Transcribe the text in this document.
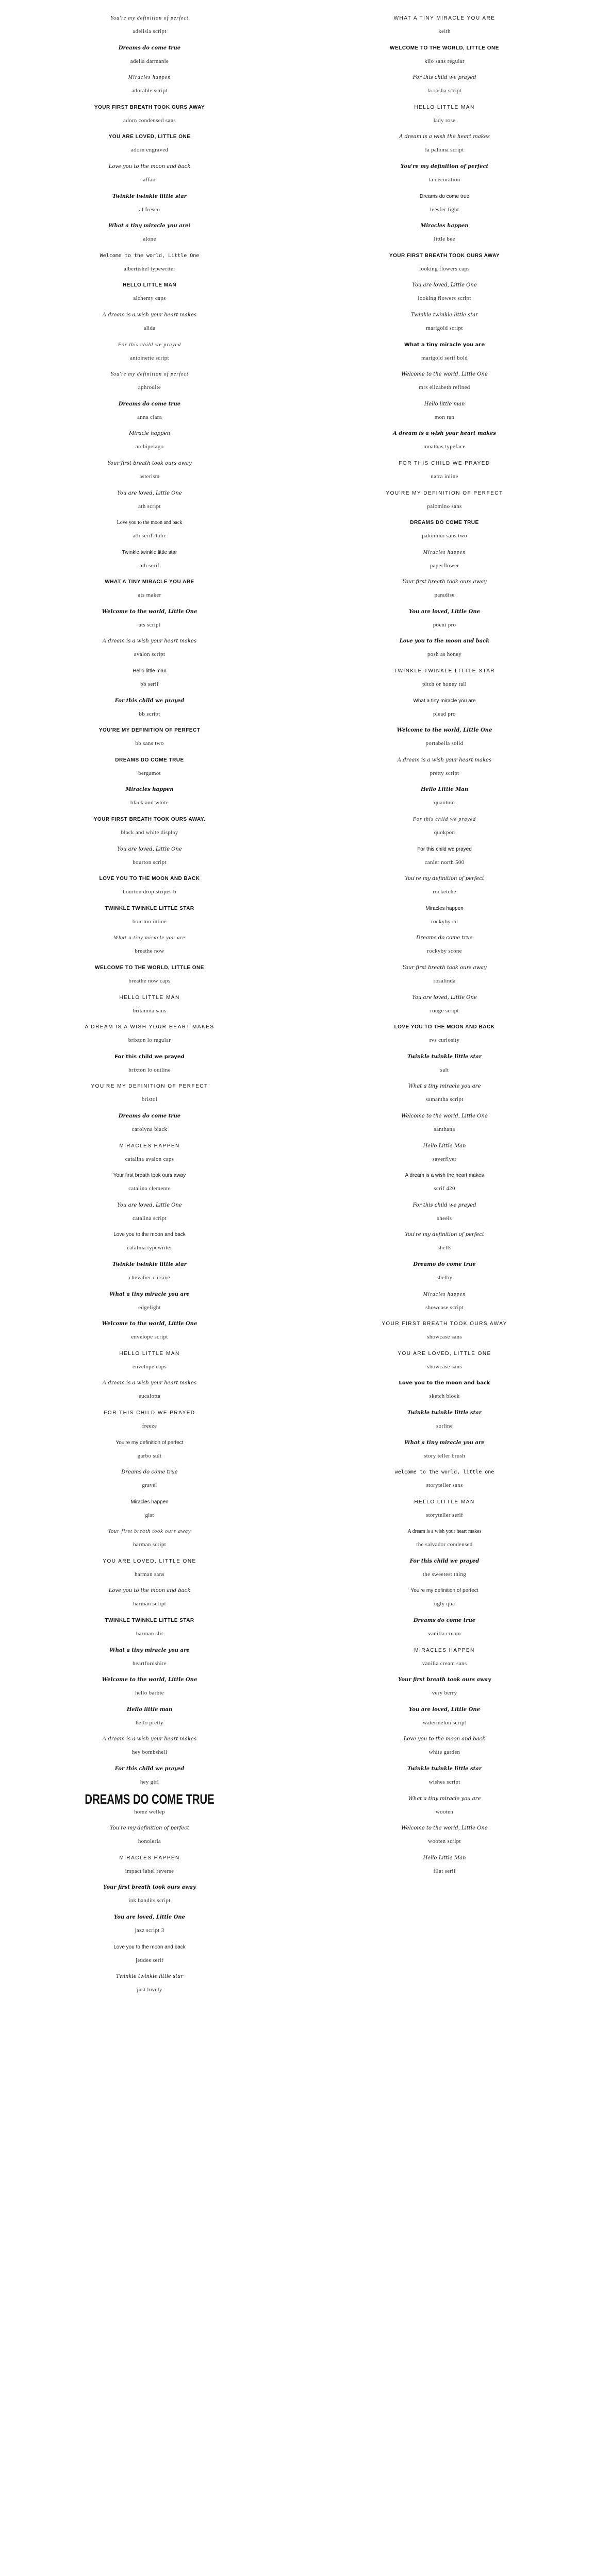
You're my definition of perfect
adelisia script
Dreams do come true
adelia darmanie
Miracles happen
adorable script
YOUR FIRST BREATH TOOK OURS AWAY
adorn condensed sans
YOU ARE LOVED, LITTLE ONE
adorn engraved
Love you to the moon and back
affair
Twinkle twinkle little star
al fresco
What a tiny miracle you are!
alone
Welcome to the world, Little One
albertishel typewriter
HELLO LITTLE MAN
alchemy caps
A dream is a wish your heart makes
alida
For this child we prayed
antoinette script
You're my definition of perfect
aphrodite
Dreams do come true
anna clara
Miracle happen
archipelago
Your first breath took ours away
asterism
You are loved, Little One
ath script
Love you to the moon and back
ath serif italic
Twinkle twinkle little star
ath serif
WHAT A TINY MIRACLE YOU ARE
ats maker
Welcome to the world, Little One
ats script
A dream is a wish your heart makes
avalon script
Hello little man
bb serif
For this child we prayed
bb script
YOU'RE MY DEFINITION OF PERFECT
bb sans two
DREAMS DO COME TRUE
bergamot
Miracles happen
black and white
YOUR FIRST BREATH TOOK OURS AWAY.
black and white display
You are loved, Little One
bourton script
LOVE YOU TO THE MOON AND BACK
bourton drop stripes b
TWINKLE TWINKLE LITTLE STAR
bourton inline
What a tiny miracle you are
breathe now
WELCOME TO THE WORLD, LITTLE ONE
breathe now caps
HELLO LITTLE MAN
britannia sans
A DREAM IS A WISH YOUR HEART MAKES
brixton lo regular
For this child we prayed
brixton lo outline
YOU'RE MY DEFINITION OF PERFECT
bristol
Dreams do come true
carolyna black
MIRACLES HAPPEN
catalina avalon caps
Your first breath took ours away
catalina clemente
You are loved, Little One
catalina script
Love you to the moon and back
catalina typewriter
Twinkle twinkle little star
chevalier cursive
What a tiny miracle you are
edgelight
Welcome to the world, Little One
envelope script
HELLO LITTLE MAN
envelope caps
A dream is a wish your heart makes
eucalotta
FOR THIS CHILD WE PRAYED
freeze
You're my definition of perfect
garbo sult
Dreams do come true
gravel
Miracles happen
gist
Your first breath took ours away
harman script
YOU ARE LOVED, LITTLE ONE
harman sans
Love you to the moon and back
harman script
TWINKLE TWINKLE LITTLE STAR
harman slit
What a tiny miracle you are
heartfordshire
Welcome to the world, Little One
hello barbie
Hello little man
hello pretty
A dream is a wish your heart makes
hey bombshell
For this child we prayed
hey girl
DREAMS DO COME TRUE
home wellep
You're my definition of perfect
honoleria
MIRACLES HAPPEN
impact label reverse
Your first breath took ours away
ink bandits script
You are loved, Little One
jazz script 3
Love you to the moon and back
jeudes serif
Twinkle twinkle little star
just lovely
WHAT A TINY MIRACLE YOU ARE
keith
WELCOME TO THE WORLD, LITTLE ONE
kilo sans regular
For this child we prayed
la rosha script
HELLO LITTLE MAN
lady rose
A dream is a wish the heart makes
la paloma script
You're my definition of perfect
la decoration
Dreams do come true
leesfer light
Miracles happen
little bee
YOUR FIRST BREATH TOOK OURS AWAY
looking flowers caps
You are loved, Little One
looking flowers script
Twinkle twinkle little star
marigold script
What a tiny miracle you are
marigold serif bold
Welcome to the world, Little One
mrs elizabeth refined
Hello little man
mon ran
A dream is a wish your heart makes
moathas typeface
FOR THIS CHILD WE PRAYED
natra inline
YOU'RE MY DEFINITION OF PERFECT
palomino sans
DREAMS DO COME TRUE
palomino sans two
Miracles happen
paperflower
Your first breath took ours away
paradise
You are loved, Little One
poeni pro
Love you to the moon and back
posh as honey
TWINKLE TWINKLE LITTLE STAR
pitch or honey tall
What a tiny miracle you are
plead pro
Welcome to the world, Little One
portabella solid
A dream is a wish your heart makes
pretty script
Hello Little Man
quantum
For this child we prayed
quokpon
For this child we prayed
canier north 500
You're my definition of perfect
rocketche
Miracles happen
rockyby cd
Dreams do come true
rockyby scone
Your first breath took ours away
rosalinda
You are loved, Little One
rouge script
LOVE YOU TO THE MOON AND BACK
rvs curiosity
Twinkle twinkle little star
salt
What a tiny miracle you are
samantha script
Welcome to the world, Little One
santhana
Hello Little Man
saverflyer
A dream is a wish the heart makes
scrif 420
For this child we prayed
sheels
You're my definition of perfect
shells
Dreamo do come true
shelby
Miracles happen
showcase script
YOUR FIRST BREATH TOOK OURS AWAY
showcase sans
YOU ARE LOVED, LITTLE ONE
showcase sans
Love you to the moon and back
sketch block
Twinkle twinkle little star
sorline
What a tiny miracle you are
story teller brush
welcome to the world, little one
storyteller sans
HELLO LITTLE MAN
storyteller serif
A dream is a wish your heart makes
the salvador condensed
For this child we prayed
the sweetest thing
You're my definition of perfect
ugly qua
Dreams do come true
vanilla cream
MIRACLES HAPPEN
vanilla cream sans
Your first breath took ours away
very berry
You are loved, Little One
watermelon script
Love you to the moon and back
white garden
Twinkle twinkle little star
wishes script
What a tiny miracle you are
wooten
Welcome to the world, Little One
wooten script
Hello Little Man
filat serif
